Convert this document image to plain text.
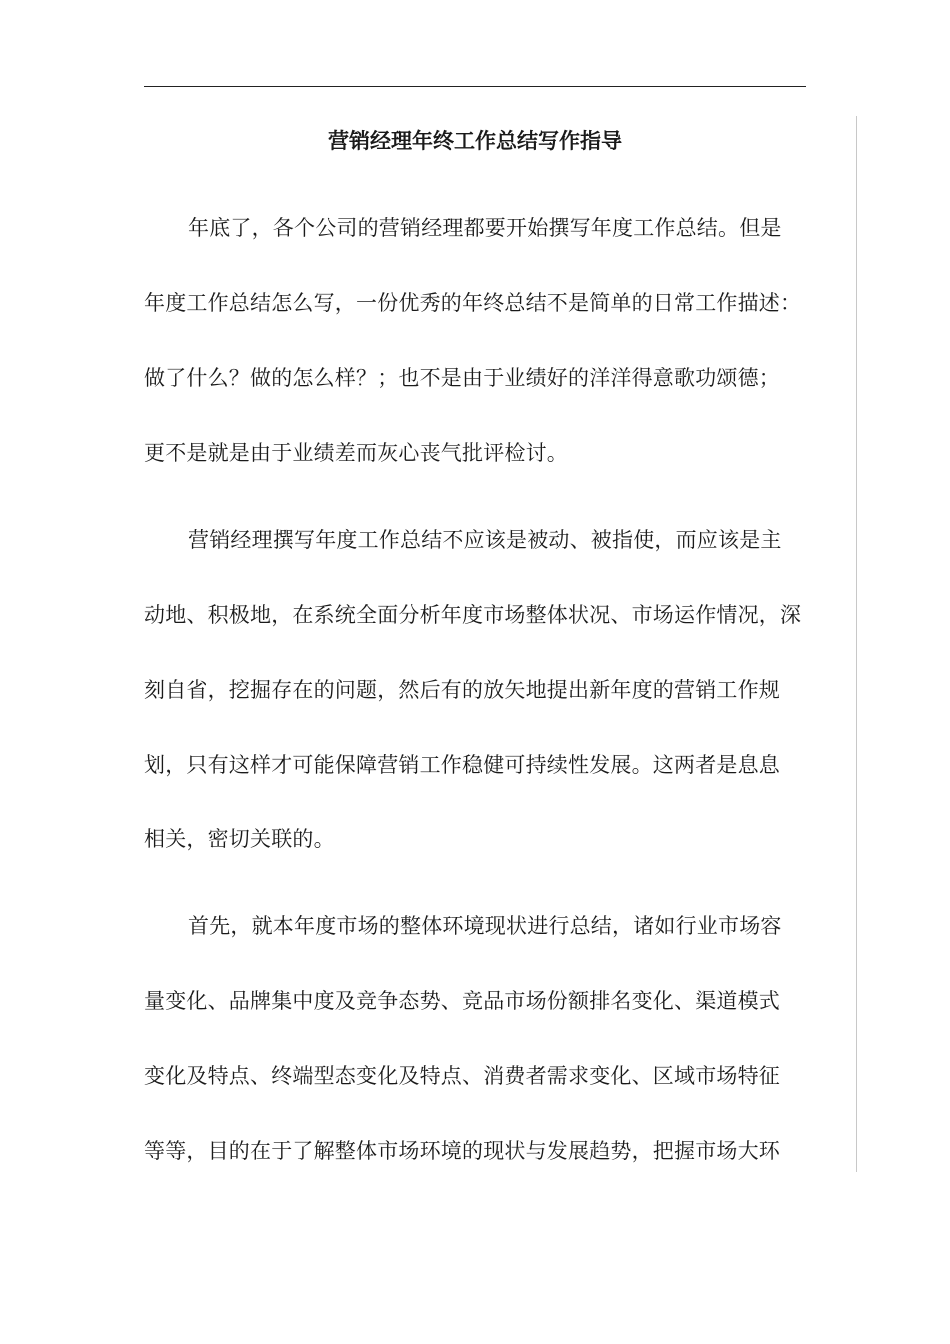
营销经理年终工作总结写作指导
年底了，各个公司的营销经理都要开始撰写年度工作总结。但是
年度工作总结怎么写，一份优秀的年终总结不是简单的日常工作描述：
做了什么？做的怎么样？；也不是由于业绩好的洋洋得意歌功颂德；
更不是就是由于业绩差而灰心丧气批评检讨。
营销经理撰写年度工作总结不应该是被动、被指使，而应该是主
动地、积极地，在系统全面分析年度市场整体状况、市场运作情况，深
刻自省，挖掘存在的问题，然后有的放矢地提出新年度的营销工作规
划，只有这样才可能保障营销工作稳健可持续性发展。这两者是息息
相关，密切关联的。
首先，就本年度市场的整体环境现状进行总结，诸如行业市场容
量变化、品牌集中度及竞争态势、竞品市场份额排名变化、渠道模式
变化及特点、终端型态变化及特点、消费者需求变化、区域市场特征
等等，目的在于了解整体市场环境的现状与发展趋势，把握市场大环
